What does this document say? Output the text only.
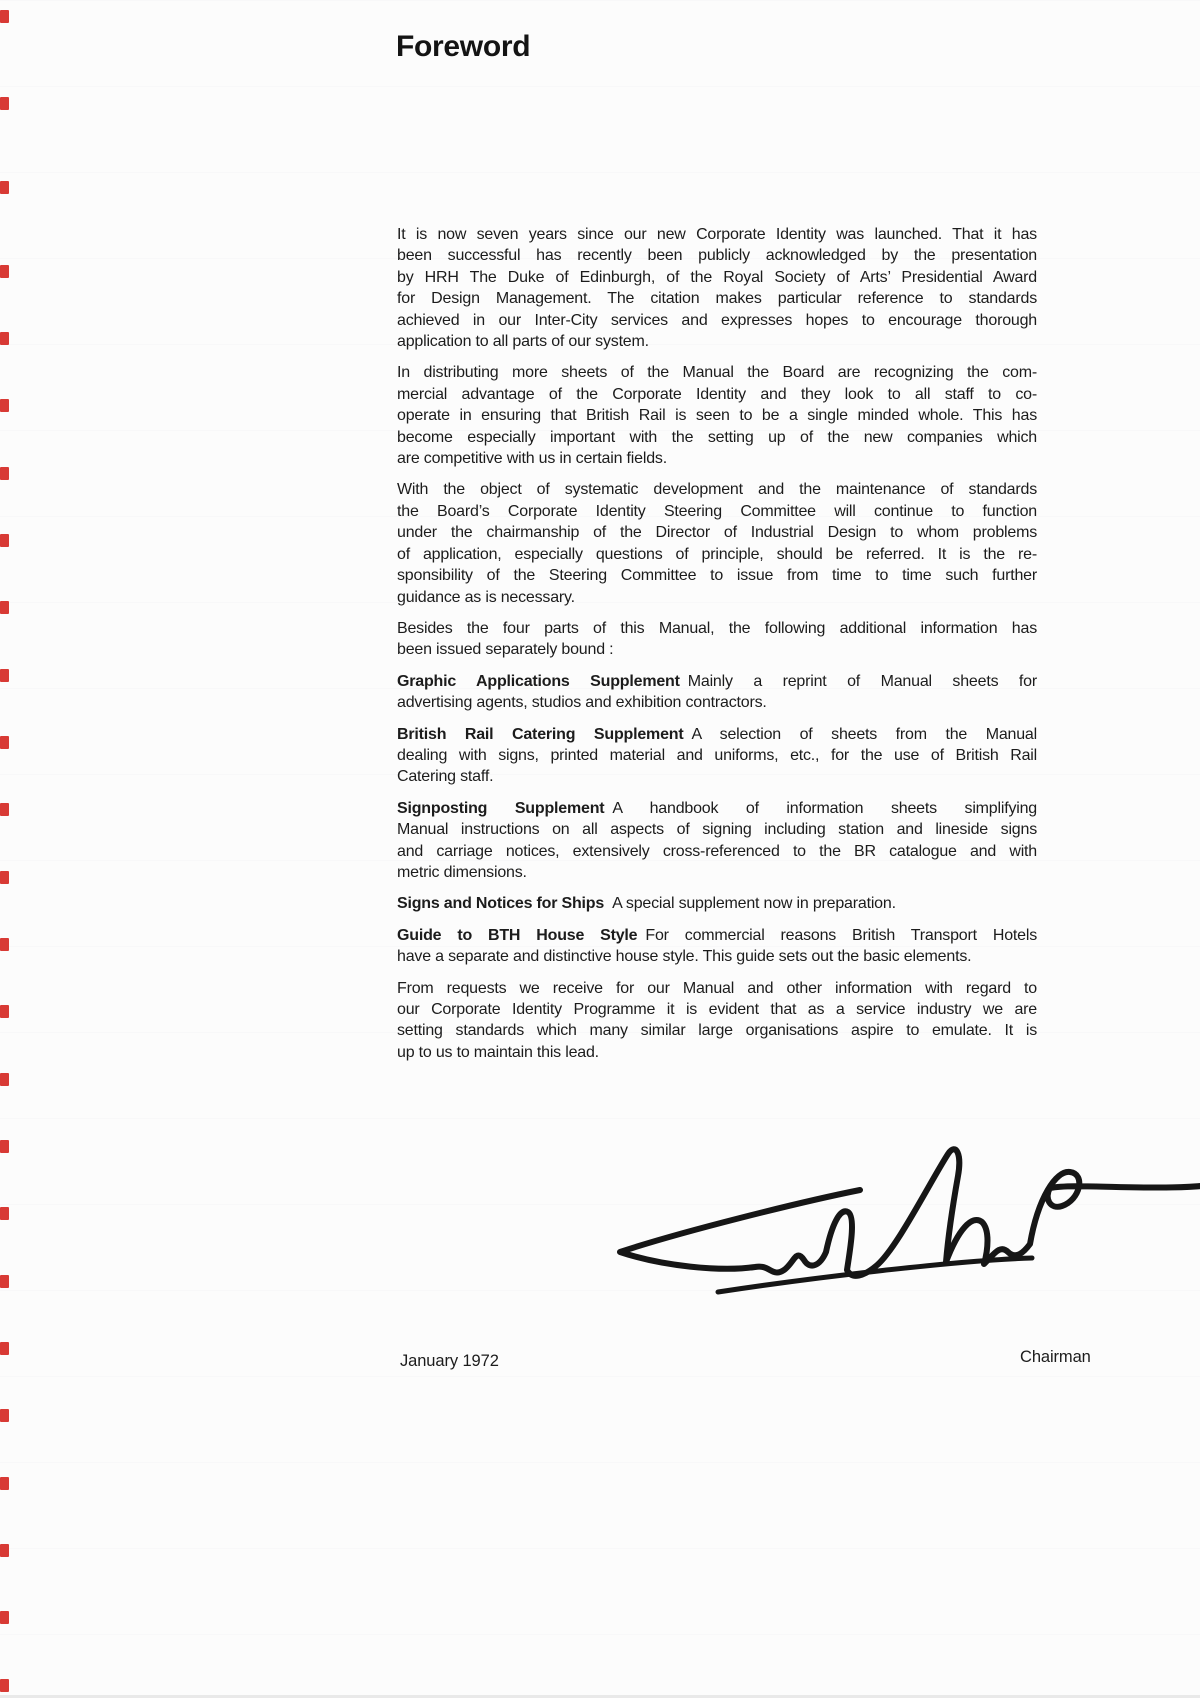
Foreword
It is now seven years since our new Corporate Identity was launched. That it has
been successful has recently been publicly acknowledged by the presentation
by HRH The Duke of Edinburgh, of the Royal Society of Arts’ Presidential Award
for Design Management. The citation makes particular reference to standards
achieved in our Inter-City services and expresses hopes to encourage thorough
application to all parts of our system.
In distributing more sheets of the Manual the Board are recognizing the com-
mercial advantage of the Corporate Identity and they look to all staff to co-
operate in ensuring that British Rail is seen to be a single minded whole. This has
become especially important with the setting up of the new companies which
are competitive with us in certain fields.
With the object of systematic development and the maintenance of standards
the Board’s Corporate Identity Steering Committee will continue to function
under the chairmanship of the Director of Industrial Design to whom problems
of application, especially questions of principle, should be referred. It is the re-
sponsibility of the Steering Committee to issue from time to time such further
guidance as is necessary.
Besides the four parts of this Manual, the following additional information has
been issued separately bound :
Graphic Applications Supplement Mainly a reprint of Manual sheets for
advertising agents, studios and exhibition contractors.
British Rail Catering Supplement A selection of sheets from the Manual
dealing with signs, printed material and uniforms, etc., for the use of British Rail
Catering staff.
Signposting Supplement A handbook of information sheets simplifying
Manual instructions on all aspects of signing including station and lineside signs
and carriage notices, extensively cross-referenced to the BR catalogue and with
metric dimensions.
Signs and Notices for Ships A special supplement now in preparation.
Guide to BTH House Style For commercial reasons British Transport Hotels
have a separate and distinctive house style. This guide sets out the basic elements.
From requests we receive for our Manual and other information with regard to
our Corporate Identity Programme it is evident that as a service industry we are
setting standards which many similar large organisations aspire to emulate. It is
up to us to maintain this lead.
January 1972	Chairman
